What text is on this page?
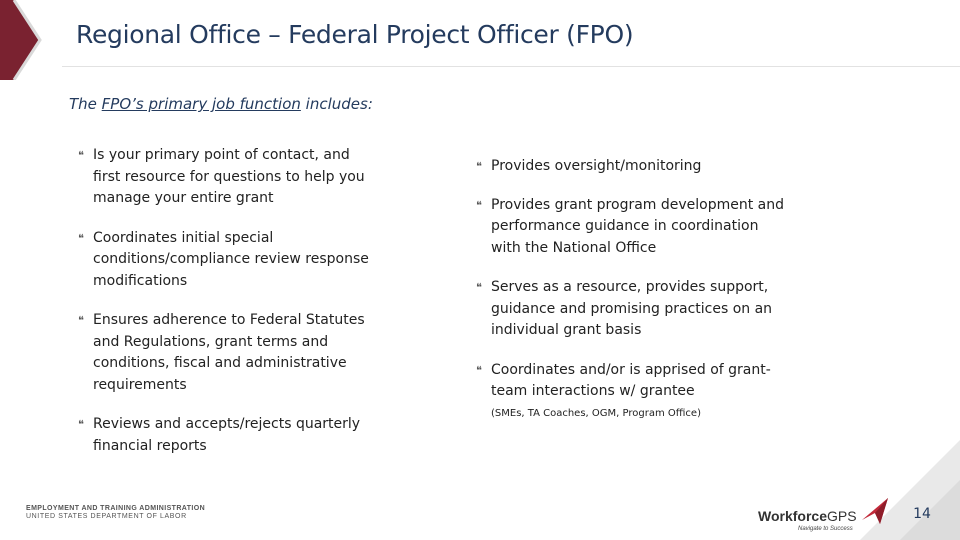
Regional Office – Federal Project Officer (FPO)
The FPO’s primary job function includes:
❝ Is your primary point of contact, and first resource for questions to help you manage your entire grant
❝ Coordinates initial special conditions/compliance review response modifications
❝ Ensures adherence to Federal Statutes and Regulations, grant terms and conditions, fiscal and administrative requirements
❝ Reviews and accepts/rejects quarterly financial reports
❝ Provides oversight/monitoring
❝ Provides grant program development and performance guidance in coordination with the National Office
❝ Serves as a resource, provides support, guidance and promising practices on an individual grant basis
❝ Coordinates and/or is apprised of grant-team interactions w/ grantee
(SMEs, TA Coaches, OGM, Program Office)
EMPLOYMENT AND TRAINING ADMINISTRATION
UNITED STATES DEPARTMENT OF LABOR	WorkforceGPS
Navigate to Success
14
